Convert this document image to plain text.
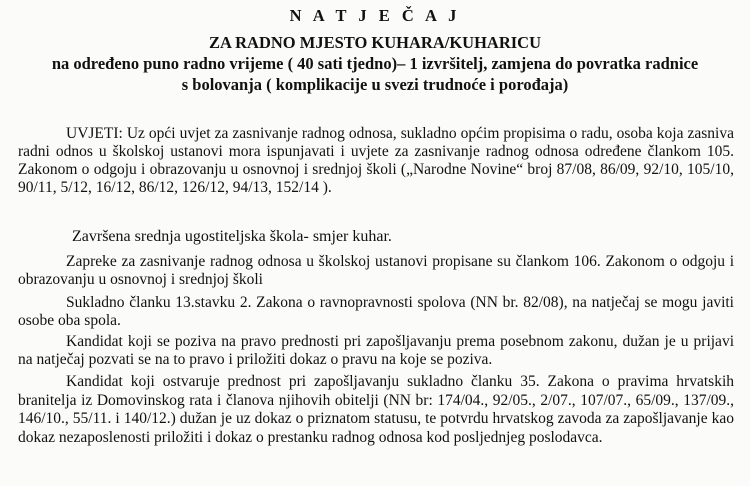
N A T J E Č A J
ZA RADNO MJESTO KUHARA/KUHARICU
na određeno puno radno vrijeme ( 40 sati tjedno)– 1 izvršitelj, zamjena do povratka radnice
s bolovanja ( komplikacije u svezi trudnoće i porođaja)
UVJETI: Uz opći uvjet za zasnivanje radnog odnosa, sukladno općim propisima o radu, osoba koja zasniva radni odnos u školskoj ustanovi mora ispunjavati i uvjete za zasnivanje radnog odnosa određene člankom 105. Zakonom o odgoju i obrazovanju u osnovnoj i srednjoj školi („Narodne Novine“ broj 87/08, 86/09, 92/10, 105/10, 90/11, 5/12, 16/12, 86/12, 126/12, 94/13, 152/14 ).
Završena srednja ugostiteljska škola- smjer kuhar.
Zapreke za zasnivanje radnog odnosa u školskoj ustanovi propisane su člankom 106. Zakonom o odgoju i obrazovanju u osnovnoj i srednjoj školi
Sukladno članku 13.stavku 2. Zakona o ravnopravnosti spolova (NN br. 82/08), na natječaj se mogu javiti osobe oba spola.
Kandidat koji se poziva na pravo prednosti pri zapošljavanju prema posebnom zakonu, dužan je u prijavi na natječaj pozvati se na to pravo i priložiti dokaz o pravu na koje se poziva.
Kandidat koji ostvaruje prednost pri zapošljavanju sukladno članku 35. Zakona o pravima hrvatskih branitelja iz Domovinskog rata i članova njihovih obitelji (NN br: 174/04., 92/05., 2/07., 107/07., 65/09., 137/09., 146/10., 55/11. i 140/12.) dužan je uz dokaz o priznatom statusu, te potvrdu hrvatskog zavoda za zapošljavanje kao dokaz nezaposlenosti priložiti i dokaz o prestanku radnog odnosa kod posljednjeg poslodavca.
